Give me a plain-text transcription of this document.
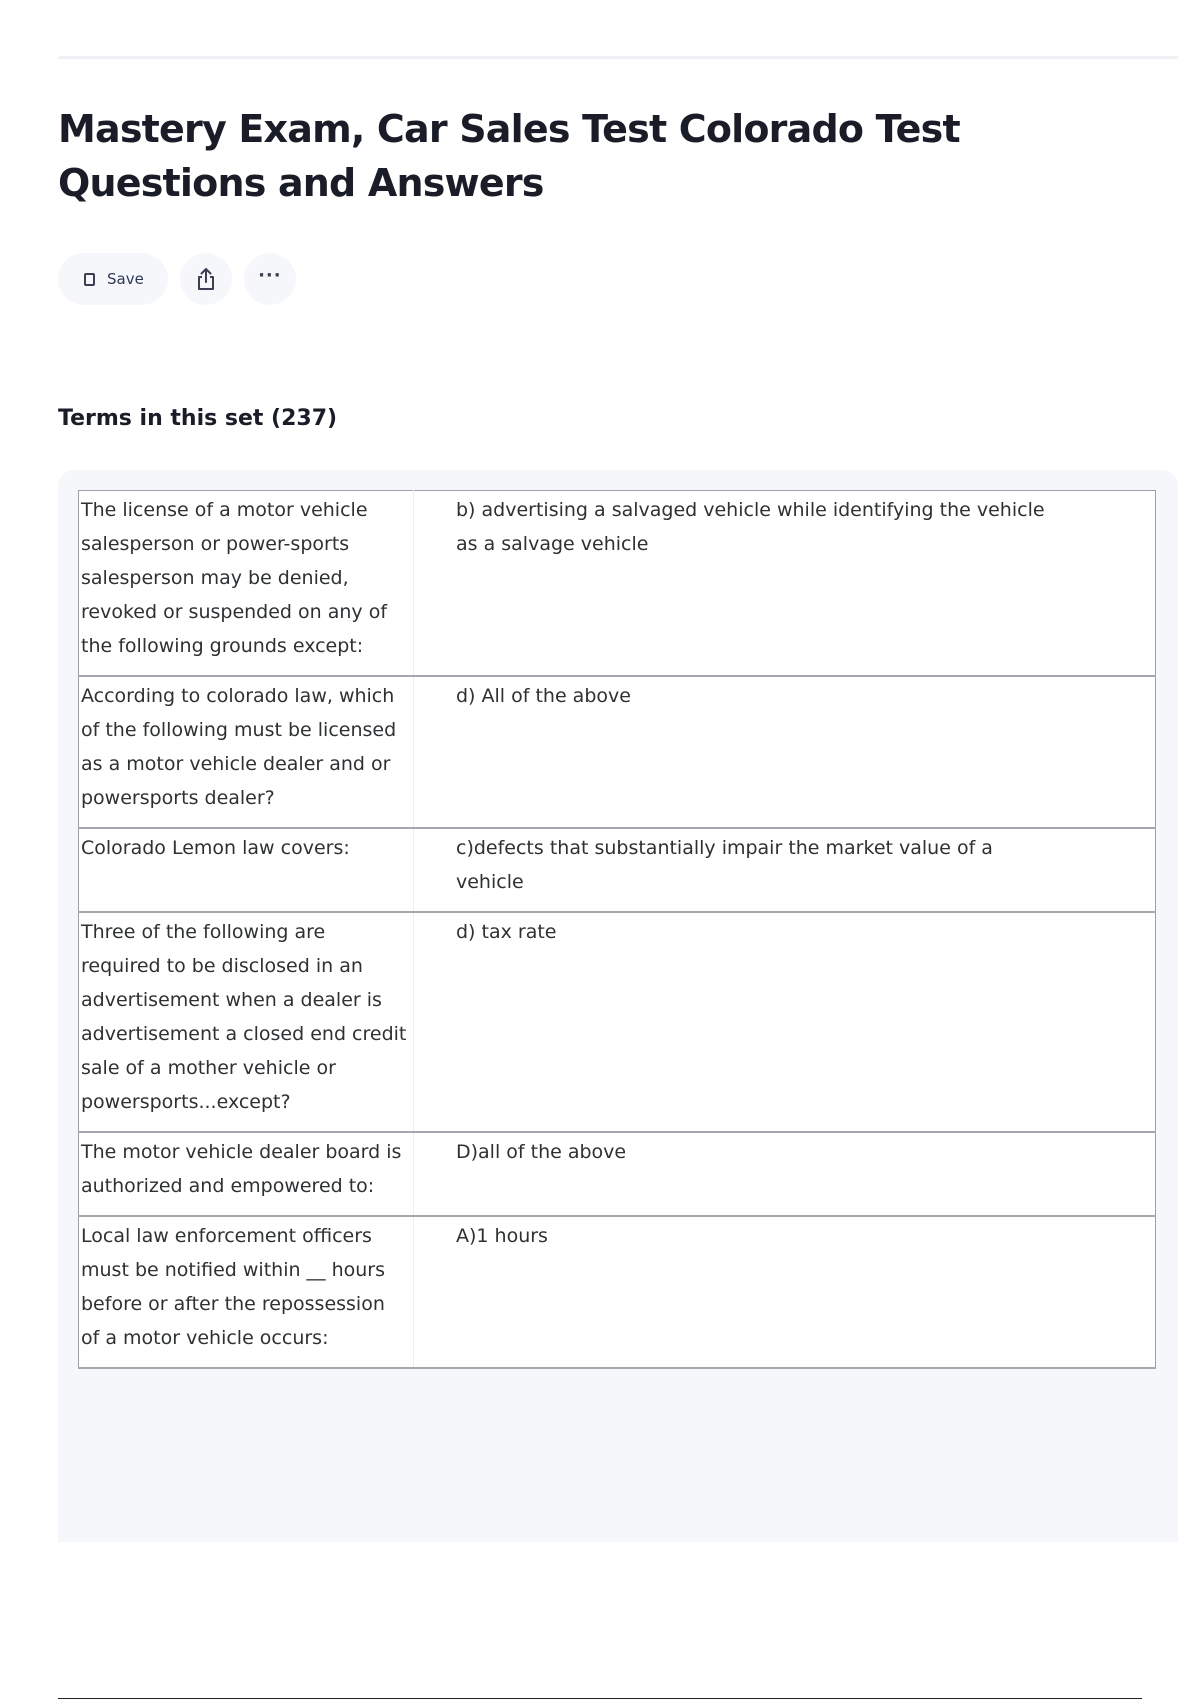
Mastery Exam, Car Sales Test Colorado Test Questions and Answers
Save	···
Terms in this set (237)
The license of a motor vehicle salesperson or power-sports salesperson may be denied, revoked or suspended on any of the following grounds except:	b) advertising a salvaged vehicle while identifying the vehicle as a salvage vehicle
According to colorado law, which of the following must be licensed as a motor vehicle dealer and or powersports dealer?	d) All of the above
Colorado Lemon law covers:	c)defects that substantially impair the market value of a vehicle
Three of the following are required to be disclosed in an advertisement when a dealer is advertisement a closed end credit sale of a mother vehicle or powersports...except?	d) tax rate
The motor vehicle dealer board is authorized and empowered to:	D)all of the above
Local law enforcement officers must be notified within __ hours before or after the repossession of a motor vehicle occurs:	A)1 hours
